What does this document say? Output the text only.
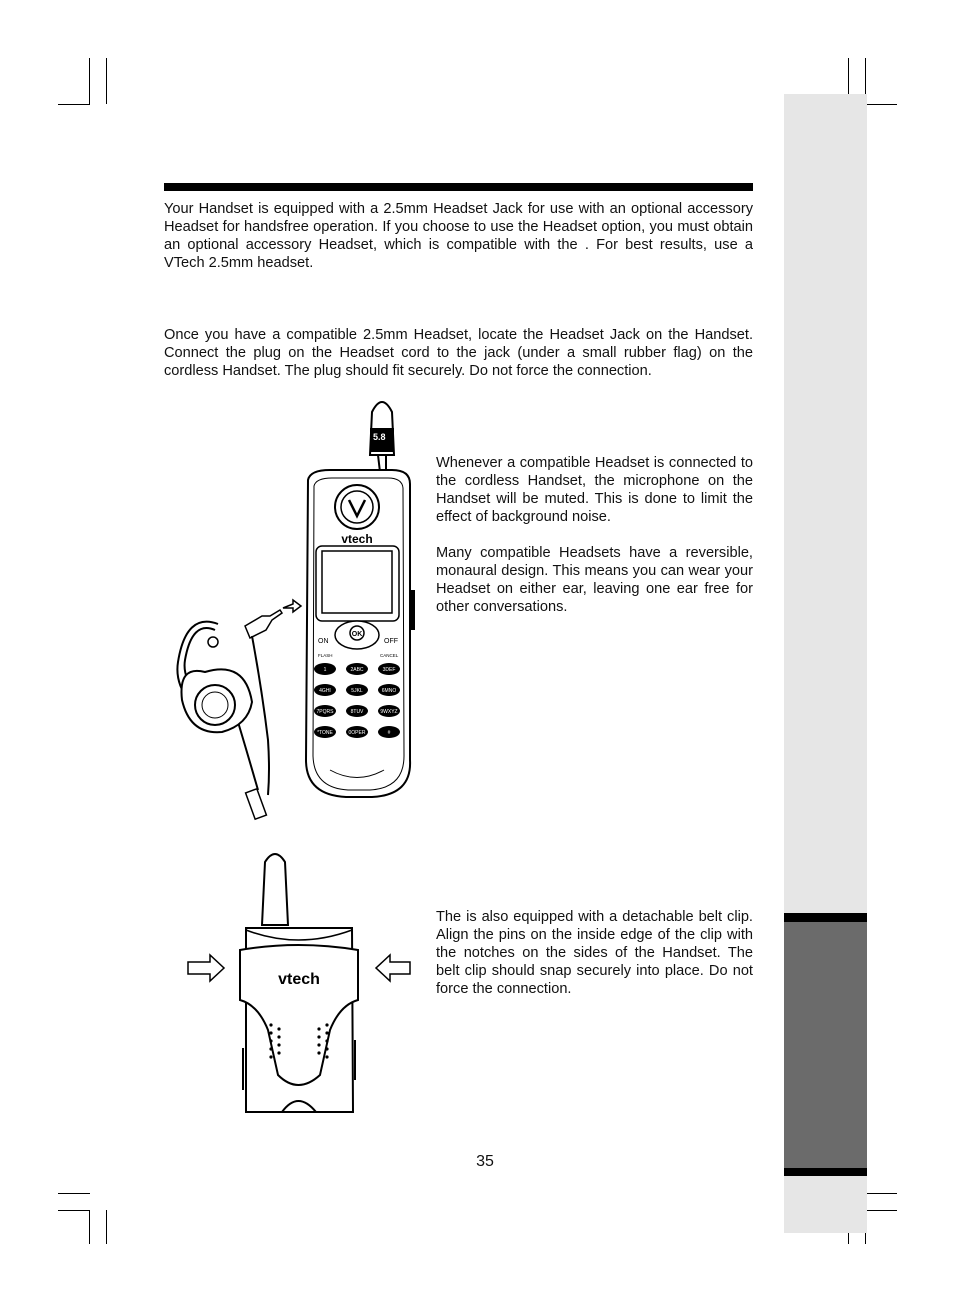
Your Handset is equipped with a 2.5mm Headset Jack for use with an optional accessory Headset for handsfree operation. If you choose to use the Headset option, you must obtain an optional accessory Headset, which is compatible with the . For best results, use a VTech 2.5mm headset.

Once you have a compatible 2.5mm Headset, locate the Headset Jack on the Handset. Connect the plug on the Headset cord to the jack (under a small rubber flag) on the cordless Handset. The plug should fit securely. Do not force the connection.

Whenever a compatible Headset is connected to the cordless Handset, the microphone on the Handset will be muted. This is done to limit the effect of background noise.

Many compatible Headsets have a reversible, monaural design. This means you can wear your Headset on either ear, leaving one ear free for other conversations.

The is also equipped with a detachable belt clip. Align the pins on the inside edge of the clip with the notches on the sides of the Handset. The belt clip should snap securely into place. Do not force the connection.

5.8
vtech
OK
ON	OFF
FLASH	CANCEL
1	2ABC	3DEF
4GHI	5JKL	6MNO
7PQRS	8TUV	9WXYZ
*TONE	0OPER	#
vtech
35
